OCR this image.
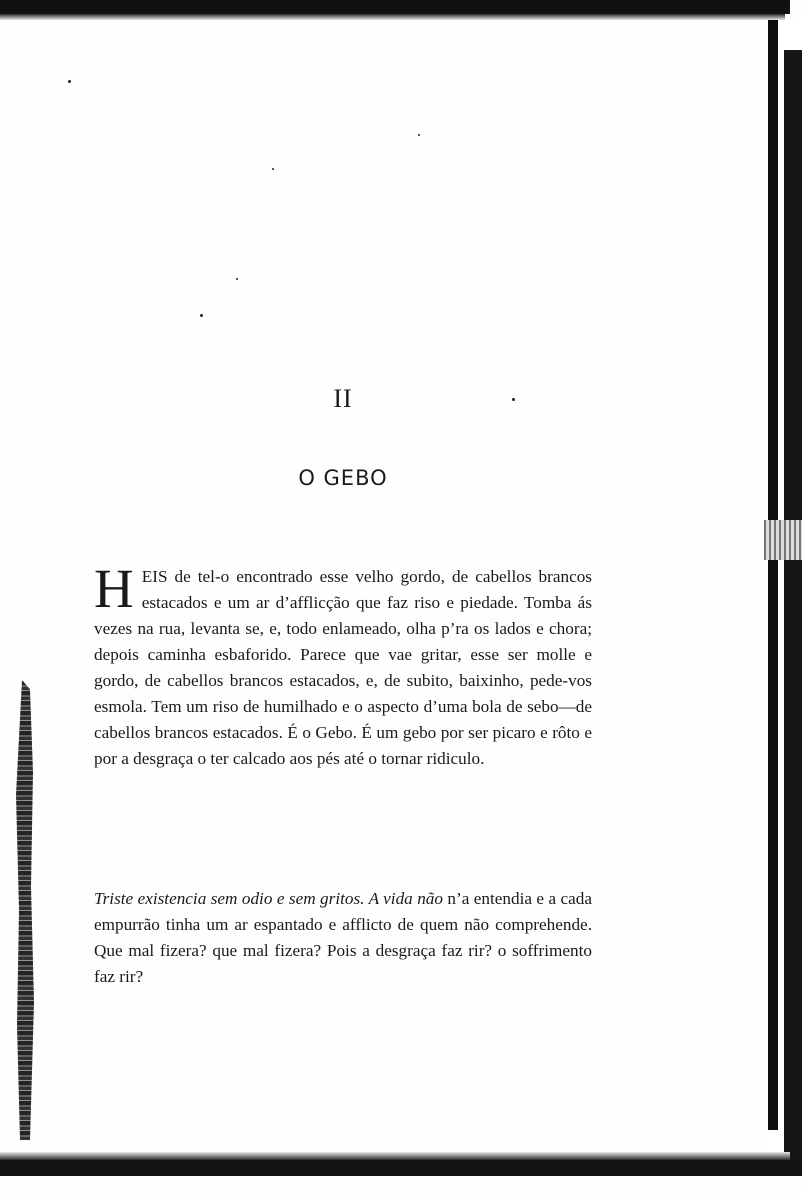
II
O GEBO
HEIS de tel-o encontrado esse velho gordo, de cabellos brancos estacados e um ar d’afflicção que faz riso e piedade. Tomba ás vezes na rua, levanta se, e, todo enlameado, olha p’ra os lados e chora; depois caminha esbaforido. Parece que vae gritar, esse ser molle e gordo, de cabellos brancos estacados, e, de subito, baixinho, pede-vos esmola. Tem um riso de humilhado e o aspecto d’uma bola de sebo—de cabellos brancos estacados. É o Gebo. É um gebo por ser picaro e rôto e por a desgraça o ter calcado aos pés até o tornar ridiculo.
Triste existencia sem odio e sem gritos. A vida não n’a entendia e a cada empurrão tinha um ar espantado e afflicto de quem não comprehende. Que mal fizera? que mal fizera? Pois a desgraça faz rir? o soffrimento faz rir?
